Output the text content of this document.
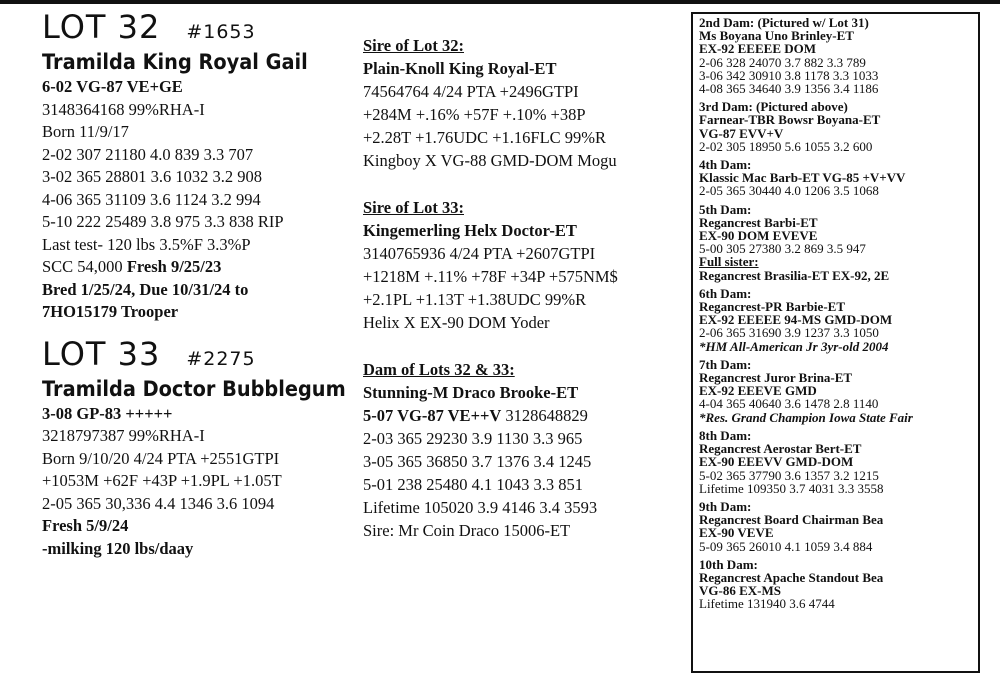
LOT 32 #1653
Tramilda King Royal Gail
6-02 VG-87 VE+GE
3148364168 99%RHA-I
Born 11/9/17
2-02 307 21180 4.0 839 3.3 707
3-02 365 28801 3.6 1032 3.2 908
4-06 365 31109 3.6 1124 3.2 994
5-10 222 25489 3.8 975 3.3 838 RIP
Last test- 120 lbs 3.5%F 3.3%P
SCC 54,000 Fresh 9/25/23
Bred 1/25/24, Due 10/31/24 to
7HO15179 Trooper
LOT 33 #2275
Tramilda Doctor Bubblegum
3-08 GP-83 +++++
3218797387 99%RHA-I
Born 9/10/20 4/24 PTA +2551GTPI
+1053M +62F +43P +1.9PL +1.05T
2-05 365 30,336 4.4 1346 3.6 1094
Fresh 5/9/24
-milking 120 lbs/daay
Sire of Lot 32:
Plain-Knoll King Royal-ET
74564764 4/24 PTA +2496GTPI
+284M +.16% +57F +.10% +38P
+2.28T +1.76UDC +1.16FLC 99%R
Kingboy X VG-88 GMD-DOM Mogu
Sire of Lot 33:
Kingemerling Helx Doctor-ET
3140765936 4/24 PTA +2607GTPI
+1218M +.11% +78F +34P +575NM$
+2.1PL +1.13T +1.38UDC 99%R
Helix X EX-90 DOM Yoder
Dam of Lots 32 & 33:
Stunning-M Draco Brooke-ET
5-07 VG-87 VE++V 3128648829
2-03 365 29230 3.9 1130 3.3 965
3-05 365 36850 3.7 1376 3.4 1245
5-01 238 25480 4.1 1043 3.3 851
Lifetime 105020 3.9 4146 3.4 3593
Sire: Mr Coin Draco 15006-ET
2nd Dam: (Pictured w/ Lot 31)
Ms Boyana Uno Brinley-ET
EX-92 EEEEE DOM
2-06 328 24070 3.7 882 3.3 789
3-06 342 30910 3.8 1178 3.3 1033
4-08 365 34640 3.9 1356 3.4 1186
3rd Dam: (Pictured above)
Farnear-TBR Bowsr Boyana-ET
VG-87 EVV+V
2-02 305 18950 5.6 1055 3.2 600
4th Dam:
Klassic Mac Barb-ET VG-85 +V+VV
2-05 365 30440 4.0 1206 3.5 1068
5th Dam:
Regancrest Barbi-ET
EX-90 DOM EVEVE
5-00 305 27380 3.2 869 3.5 947
Full sister:
Regancrest Brasilia-ET EX-92, 2E
6th Dam:
Regancrest-PR Barbie-ET
EX-92 EEEEE 94-MS GMD-DOM
2-06 365 31690 3.9 1237 3.3 1050
*HM All-American Jr 3yr-old 2004
7th Dam:
Regancrest Juror Brina-ET
EX-92 EEEVE GMD
4-04 365 40640 3.6 1478 2.8 1140
*Res. Grand Champion Iowa State Fair
8th Dam:
Regancrest Aerostar Bert-ET
EX-90 EEEVV GMD-DOM
5-02 365 37790 3.6 1357 3.2 1215
Lifetime 109350 3.7 4031 3.3 3558
9th Dam:
Regancrest Board Chairman Bea
EX-90 VEVE
5-09 365 26010 4.1 1059 3.4 884
10th Dam:
Regancrest Apache Standout Bea
VG-86 EX-MS
Lifetime 131940 3.6 4744
